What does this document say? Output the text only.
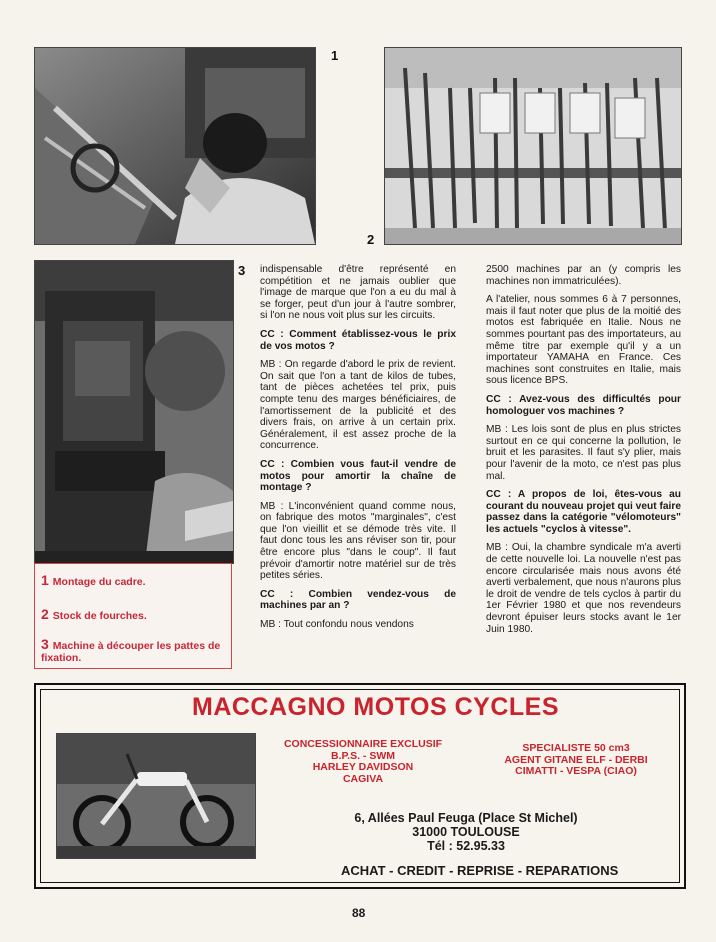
1
2
3
1 Montage du cadre.
2 Stock de fourches.
3 Machine à découper les pattes de fixation.

indispensable d'être représenté en compétition et ne jamais oublier que l'image de marque que l'on a eu du mal à se forger, peut d'un jour à l'autre sombrer, si l'on ne nous voit plus sur les circuits.

CC : Comment établissez-vous le prix de vos motos ?

MB : On regarde d'abord le prix de revient. On sait que l'on a tant de kilos de tubes, tant de pièces achetées tel prix, puis compte tenu des marges bénéficiaires, de l'amortissement de la publicité et des divers frais, on arrive à un certain prix. Généralement, il est assez proche de la concurrence.

CC : Combien vous faut-il vendre de motos pour amortir la chaîne de montage ?

MB : L'inconvénient quand comme nous, on fabrique des motos "marginales", c'est que l'on vieillit et se démode très vite. Il faut donc tous les ans réviser son tir, pour être encore plus "dans le coup". Il faut prévoir d'amortir notre matériel sur de très petites séries.

CC : Combien vendez-vous de machines par an ?

MB : Tout confondu nous vendons

2500 machines par an (y compris les machines non immatriculées).

A l'atelier, nous sommes 6 à 7 personnes, mais il faut noter que plus de la moitié des motos est fabriquée en Italie. Nous ne sommes pourtant pas des importateurs, au même titre par exemple qu'il y a un importateur YAMAHA en France. Ces machines sont construites en Italie, mais sous licence BPS.

CC : Avez-vous des difficultés pour homologuer vos machines ?

MB : Les lois sont de plus en plus strictes surtout en ce qui concerne la pollution, le bruit et les parasites. Il faut s'y plier, mais pour l'avenir de la moto, ce n'est pas plus mal.

CC : A propos de loi, êtes-vous au courant du nouveau projet qui veut faire passez dans la catégorie "vélomoteurs" les actuels "cyclos à vitesse".

MB : Oui, la chambre syndicale m'a averti de cette nouvelle loi. La nouvelle n'est pas encore circularisée mais nous avons été averti verbalement, que nous n'aurons plus le droit de vendre de tels cyclos à partir du 1er Février 1980 et que nos revendeurs devront épuiser leurs stocks avant le 1er Juin 1980.

MACCAGNO MOTOS CYCLES
CONCESSIONNAIRE EXCLUSIF
B.P.S. - SWM
HARLEY DAVIDSON
CAGIVA
SPECIALISTE 50 cm3
AGENT GITANE ELF - DERBI
CIMATTI - VESPA (CIAO)
6, Allées Paul Feuga (Place St Michel)
31000 TOULOUSE
Tél : 52.95.33
ACHAT - CREDIT - REPRISE - REPARATIONS
88
